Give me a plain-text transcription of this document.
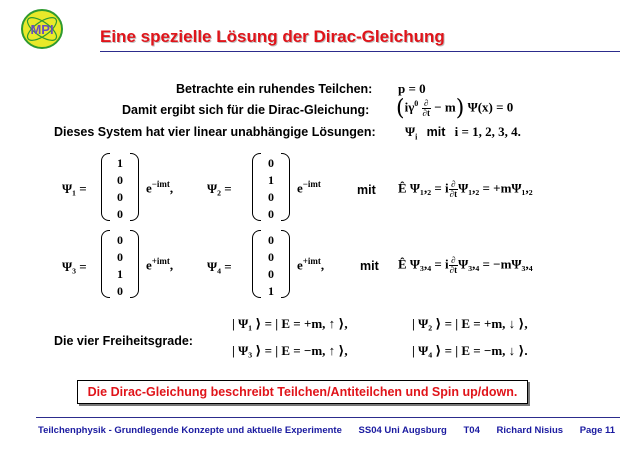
MPI	Eine spezielle Lösung der Dirac-Gleichung
Betrachte ein ruhendes Teilchen: p = 0
Damit ergibt sich für die Dirac-Gleichung: $(i\gamma^0 \frac{\partial}{\partial t} - m) \Psi(x) = 0$
Dieses System hat vier linear unabhängige Lösungen: $\Psi_i$ mit i = 1, 2, 3, 4.
Ψ₁ =
1
0
0
0
$e^{-imt}$,	Ψ₂ =
0
1
0
0
$e^{-imt}$	mit Ê Ψ₁,₂ = i $\frac{\partial}{\partial t} \Psi_1,_2 = +m\Psi_1,_2$
Ψ₃ =
0
0
1
0
$e^{+imt}$,	Ψ₄ =
0
0
0
1
$e^{+imt}$,	mit Ê Ψ₃,₄ = i $\frac{\partial}{\partial t} \Psi_3,_4 = -m\Psi_3,_4$
Die vier Freiheitsgrade:
| Ψ₁ ⟩ = | E = +m, ↑ ⟩,	| Ψ₂ ⟩ = | E = +m, ↓ ⟩,
| Ψ₃ ⟩ = | E = −m, ↑ ⟩,	| Ψ₄ ⟩ = | E = −m, ↓ ⟩.
Die Dirac-Gleichung beschreibt Teilchen/Antiteilchen und Spin up/down.
Teilchenphysik - Grundlegende Konzepte und aktuelle Experimente SS04 Uni Augsburg T04 Richard Nisius Page 11
